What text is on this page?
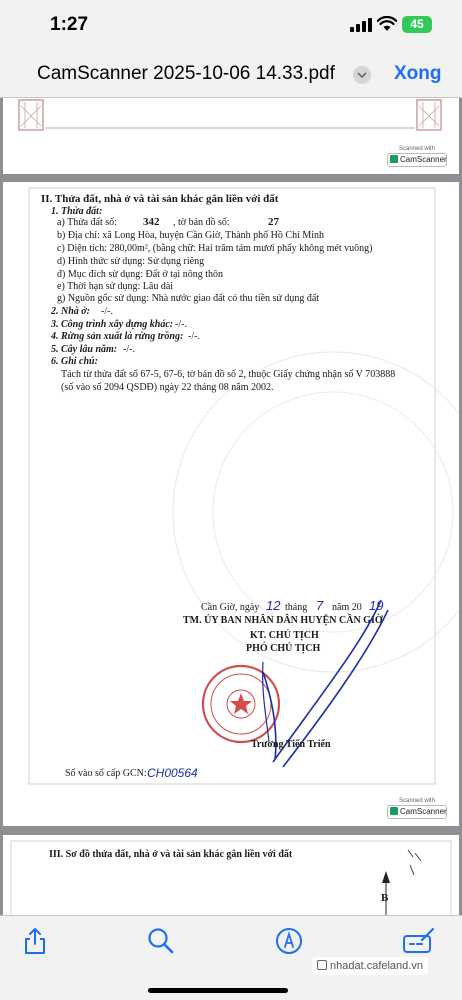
1:27	45
CamScanner 2025-10-06 14.33.pdf	Xong
Scanned with
CamScanner
II. Thửa đất, nhà ở và tài sản khác gắn liền với đất
1. Thửa đất:
a) Thửa đất số: 342 , tờ bản đồ số:	27
b) Địa chỉ: xã Long Hòa, huyện Cần Giờ, Thành phố Hồ Chí Minh
c) Diện tích: 280,00m², (bằng chữ: Hai trăm tám mươi phẩy không mét vuông)
d) Hình thức sử dụng: Sử dụng riêng
đ) Mục đích sử dụng: Đất ở tại nông thôn
e) Thời hạn sử dụng: Lâu dài
g) Nguồn gốc sử dụng: Nhà nước giao đất có thu tiền sử dụng đất
2. Nhà ở: -/-.
3. Công trình xây dựng khác: -/-.
4. Rừng sản xuất là rừng trồng: -/-.
5. Cây lâu năm: -/-.
6. Ghi chú:
Tách từ thửa đất số 67-5, 67-6, tờ bản đồ số 2, thuộc Giấy chứng nhận số V 703888
(số vào số 2094 QSDĐ) ngày 22 tháng 08 năm 2002.
Cần Giờ, ngày 12 tháng 7 năm 20 19
TM. ỦY BAN NHÂN DÂN HUYỆN CẦN GIỜ
KT. CHỦ TỊCH
PHÓ CHỦ TỊCH
Trương Tiến Triển
Số vào sổ cấp GCN: CH00564
Scanned with
CamScanner
III. Sơ đồ thửa đất, nhà ở và tài sản khác gắn liền với đất
B
nhadat.cafeland.vn
